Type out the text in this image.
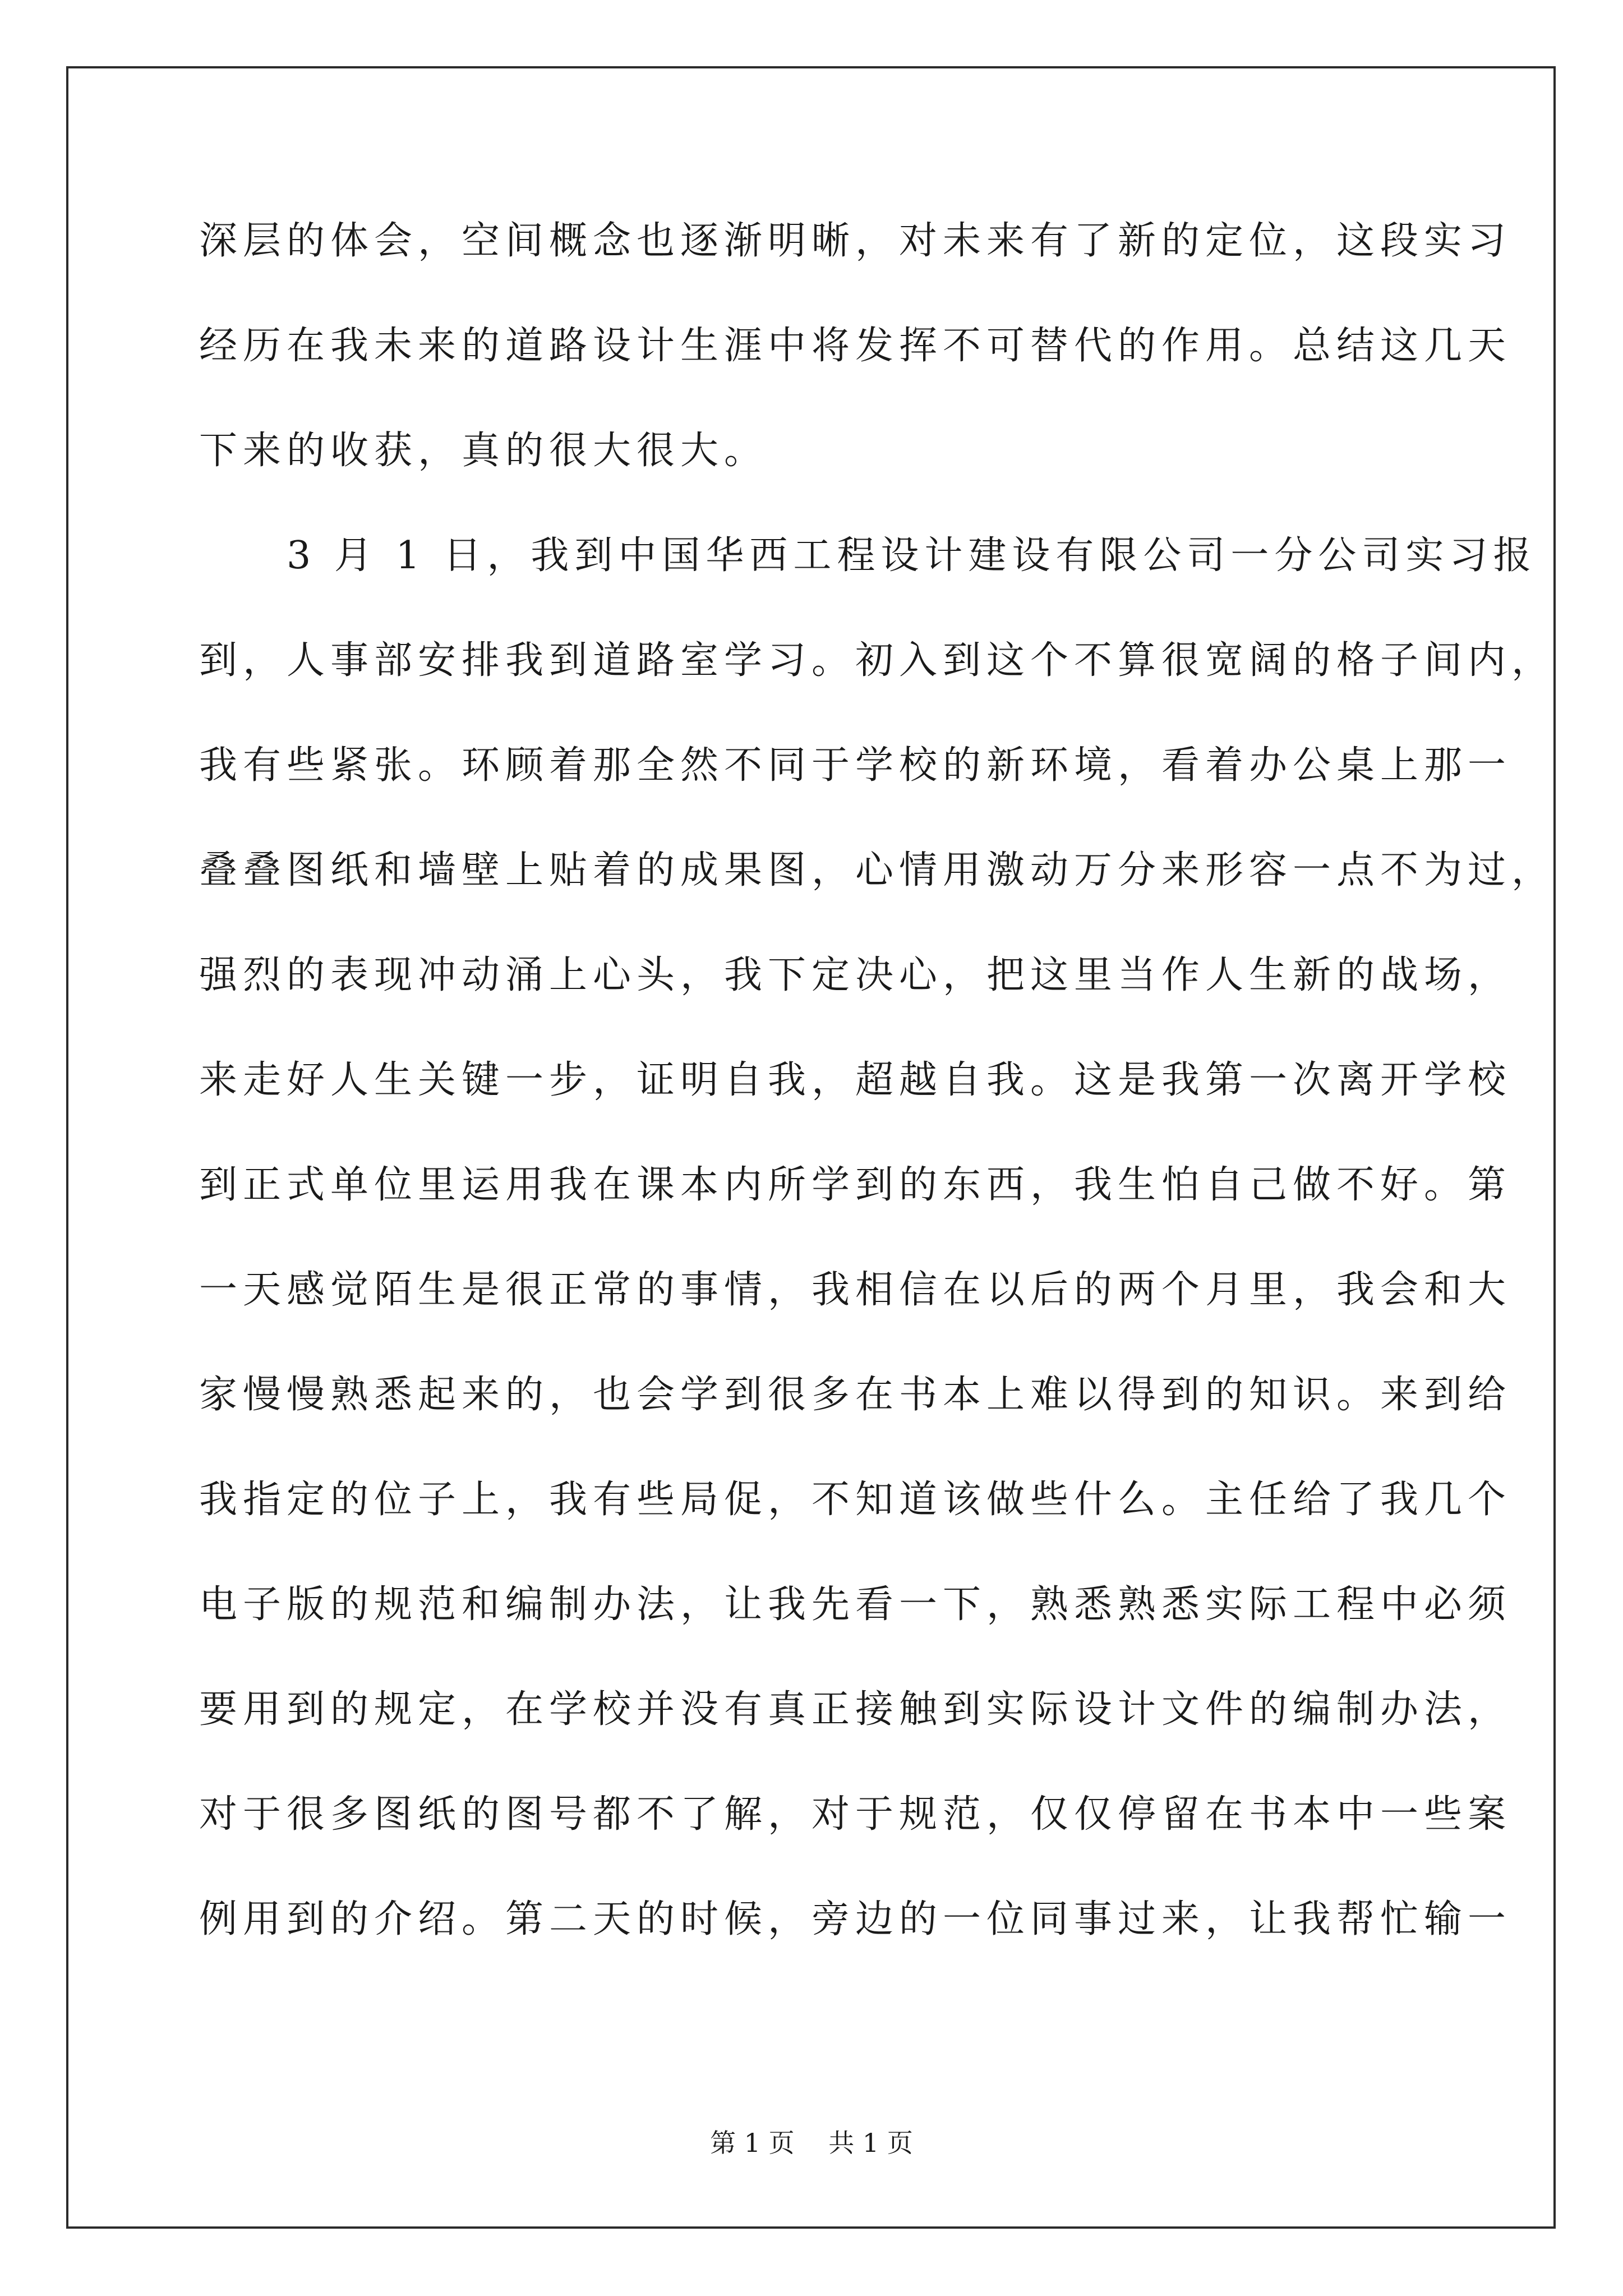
深层的体会，空间概念也逐渐明晰，对未来有了新的定位，这段实习
经历在我未来的道路设计生涯中将发挥不可替代的作用。总结这几天
下来的收获，真的很大很大。
　　3 月 1 日，我到中国华西工程设计建设有限公司一分公司实习报
到，人事部安排我到道路室学习。初入到这个不算很宽阔的格子间内，
我有些紧张。环顾着那全然不同于学校的新环境，看着办公桌上那一
叠叠图纸和墙壁上贴着的成果图，心情用激动万分来形容一点不为过，
强烈的表现冲动涌上心头，我下定决心，把这里当作人生新的战场，
来走好人生关键一步，证明自我，超越自我。这是我第一次离开学校
到正式单位里运用我在课本内所学到的东西，我生怕自己做不好。第
一天感觉陌生是很正常的事情，我相信在以后的两个月里，我会和大
家慢慢熟悉起来的，也会学到很多在书本上难以得到的知识。来到给
我指定的位子上，我有些局促，不知道该做些什么。主任给了我几个
电子版的规范和编制办法，让我先看一下，熟悉熟悉实际工程中必须
要用到的规定，在学校并没有真正接触到实际设计文件的编制办法，
对于很多图纸的图号都不了解，对于规范，仅仅停留在书本中一些案
例用到的介绍。第二天的时候，旁边的一位同事过来，让我帮忙输一
第 1 页　 共 1 页
